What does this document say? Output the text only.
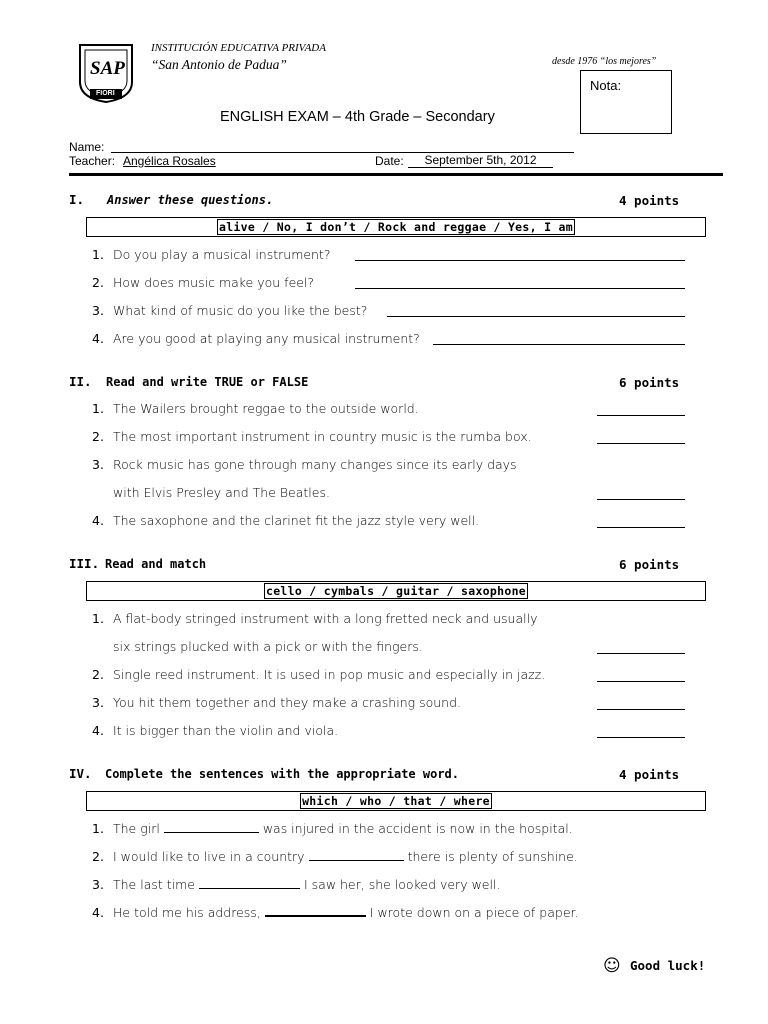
SAP
FIORI
INSTITUCIÓN EDUCATIVA PRIVADA
“San Antonio de Padua”	desde 1976 “los mejores”
Nota:
ENGLISH EXAM – 4th Grade – Secondary
Name:
Teacher: Angélica Rosales	Date:	September 5th, 2012
I. Answer these questions.	4 points
alive / No, I don’t / Rock and reggae / Yes, I am
1. Do you play a musical instrument?
2. How does music make you feel?
3. What kind of music do you like the best?
4. Are you good at playing any musical instrument?
II. Read and write TRUE or FALSE	6 points
1. The Wailers brought reggae to the outside world.
2. The most important instrument in country music is the rumba box.
3. Rock music has gone through many changes since its early days
with Elvis Presley and The Beatles.
4. The saxophone and the clarinet fit the jazz style very well.
III. Read and match	6 points
cello / cymbals / guitar / saxophone
1. A flat-body stringed instrument with a long fretted neck and usually
six strings plucked with a pick or with the fingers.
2. Single reed instrument. It is used in pop music and especially in jazz.
3. You hit them together and they make a crashing sound.
4. It is bigger than the violin and viola.
IV. Complete the sentences with the appropriate word.	4 points
which / who / that / where
1. The girl	was injured in the accident is now in the hospital.
2. I would like to live in a country	there is plenty of sunshine.
3. The last time	I saw her, she looked very well.
4. He told me his address,	I wrote down on a piece of paper.
☺ Good luck!
